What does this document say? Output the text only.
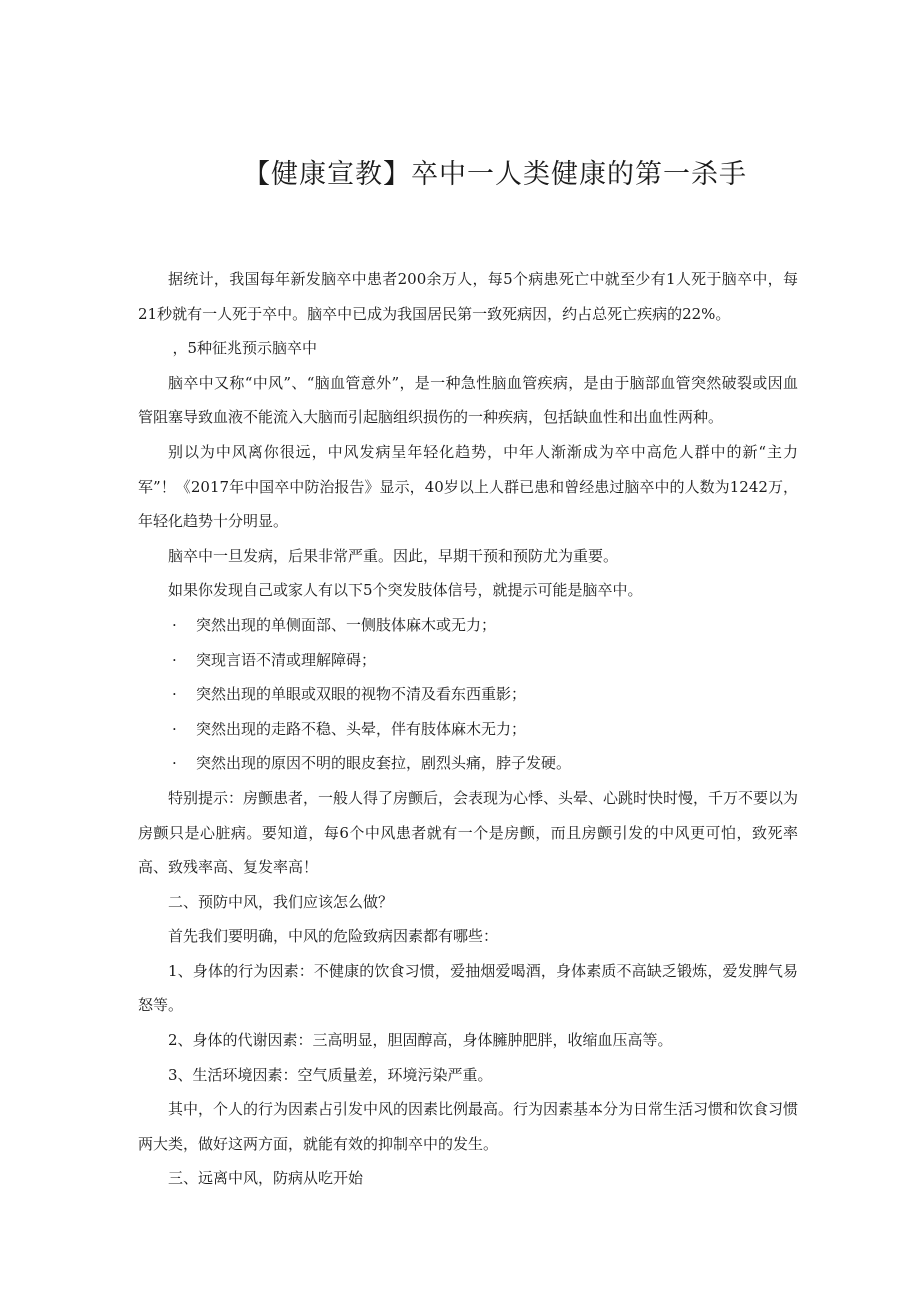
【健康宣教】卒中一人类健康的第一杀手

据统计，我国每年新发脑卒中患者200余万人，每5个病患死亡中就至少有1人死于脑卒中，每21秒就有一人死于卒中。脑卒中已成为我国居民第一致死病因，约占总死亡疾病的22%。

，5种征兆预示脑卒中

脑卒中又称“中风”、“脑血管意外”，是一种急性脑血管疾病，是由于脑部血管突然破裂或因血管阻塞导致血液不能流入大脑而引起脑组织损伤的一种疾病，包括缺血性和出血性两种。

别以为中风离你很远，中风发病呈年轻化趋势，中年人渐渐成为卒中高危人群中的新“主力军”！《2017年中国卒中防治报告》显示，40岁以上人群已患和曾经患过脑卒中的人数为1242万，年轻化趋势十分明显。

脑卒中一旦发病，后果非常严重。因此，早期干预和预防尤为重要。

如果你发现自己或家人有以下5个突发肢体信号，就提示可能是脑卒中。

· 突然出现的单侧面部、一侧肢体麻木或无力；
· 突现言语不清或理解障碍；
· 突然出现的单眼或双眼的视物不清及看东西重影；
· 突然出现的走路不稳、头晕，伴有肢体麻木无力；
· 突然出现的原因不明的眼皮套拉，剧烈头痛，脖子发硬。

特别提示：房颤患者，一般人得了房颤后，会表现为心悸、头晕、心跳时快时慢，千万不要以为房颤只是心脏病。要知道，每6个中风患者就有一个是房颤，而且房颤引发的中风更可怕，致死率高、致残率高、复发率高！

二、预防中风，我们应该怎么做？

首先我们要明确，中风的危险致病因素都有哪些：

1、身体的行为因素：不健康的饮食习惯，爱抽烟爱喝酒，身体素质不高缺乏锻炼，爱发脾气易怒等。

2、身体的代谢因素：三高明显，胆固醇高，身体臃肿肥胖，收缩血压高等。

3、生活环境因素：空气质量差，环境污染严重。

其中，个人的行为因素占引发中风的因素比例最高。行为因素基本分为日常生活习惯和饮食习惯两大类，做好这两方面，就能有效的抑制卒中的发生。

三、远离中风，防病从吃开始
